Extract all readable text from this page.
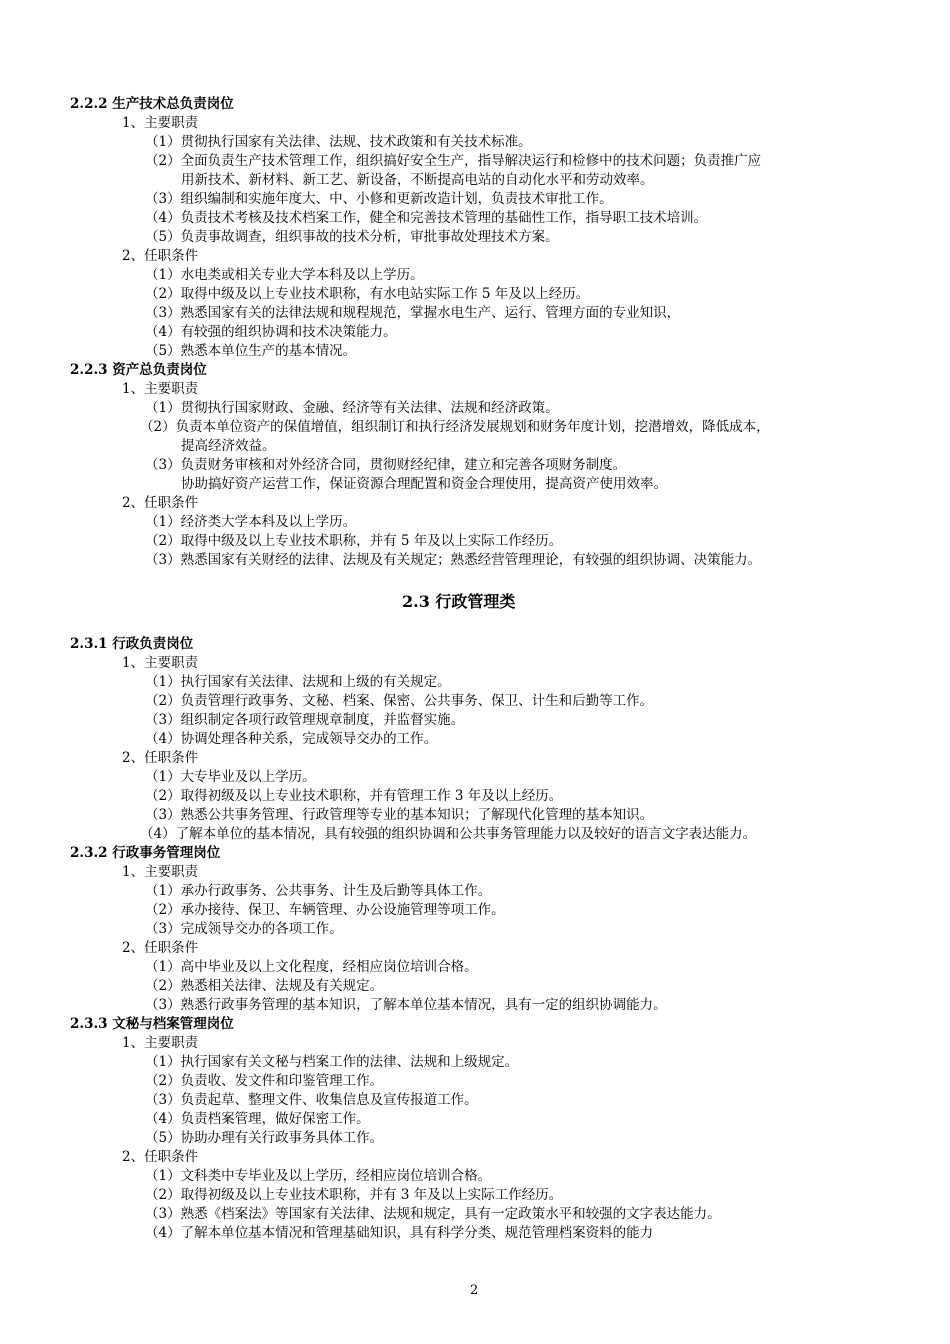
2.2.2 生产技术总负责岗位
1、主要职责
（1）贯彻执行国家有关法律、法规、技术政策和有关技术标准。
（2）全面负责生产技术管理工作，组织搞好安全生产，指导解决运行和检修中的技术问题；负责推广应
用新技术、新材料、新工艺、新设备，不断提高电站的自动化水平和劳动效率。
（3）组织编制和实施年度大、中、小修和更新改造计划，负责技术审批工作。
（4）负责技术考核及技术档案工作，健全和完善技术管理的基础性工作，指导职工技术培训。
（5）负责事故调查，组织事故的技术分析，审批事故处理技术方案。
2、任职条件
（1）水电类或相关专业大学本科及以上学历。
（2）取得中级及以上专业技术职称，有水电站实际工作 5 年及以上经历。
（3）熟悉国家有关的法律法规和规程规范，掌握水电生产、运行、管理方面的专业知识，
（4）有较强的组织协调和技术决策能力。
（5）熟悉本单位生产的基本情况。
2.2.3 资产总负责岗位
1、主要职责
（1）贯彻执行国家财政、金融、经济等有关法律、法规和经济政策。
（2）负责本单位资产的保值增值，组织制订和执行经济发展规划和财务年度计划，挖潜增效，降低成本，
提高经济效益。
（3）负责财务审核和对外经济合同，贯彻财经纪律，建立和完善各项财务制度。
协助搞好资产运营工作，保证资源合理配置和资金合理使用，提高资产使用效率。
2、任职条件
（1）经济类大学本科及以上学历。
（2）取得中级及以上专业技术职称，并有 5 年及以上实际工作经历。
（3）熟悉国家有关财经的法律、法规及有关规定；熟悉经营管理理论，有较强的组织协调、决策能力。
2.3.1 行政负责岗位
1、主要职责
（1）执行国家有关法律、法规和上级的有关规定。
（2）负责管理行政事务、文秘、档案、保密、公共事务、保卫、计生和后勤等工作。
（3）组织制定各项行政管理规章制度，并监督实施。
（4）协调处理各种关系，完成领导交办的工作。
2、任职条件
（1）大专毕业及以上学历。
（2）取得初级及以上专业技术职称，并有管理工作 3 年及以上经历。
（3）熟悉公共事务管理、行政管理等专业的基本知识；了解现代化管理的基本知识。
（4）了解本单位的基本情况，具有较强的组织协调和公共事务管理能力以及较好的语言文字表达能力。
2.3.2 行政事务管理岗位
1、主要职责
（1）承办行政事务、公共事务、计生及后勤等具体工作。
（2）承办接待、保卫、车辆管理、办公设施管理等项工作。
（3）完成领导交办的各项工作。
2、任职条件
（1）高中毕业及以上文化程度，经相应岗位培训合格。
（2）熟悉相关法律、法规及有关规定。
（3）熟悉行政事务管理的基本知识，了解本单位基本情况，具有一定的组织协调能力。
2.3.3 文秘与档案管理岗位
1、主要职责
（1）执行国家有关文秘与档案工作的法律、法规和上级规定。
（2）负责收、发文件和印鉴管理工作。
（3）负责起草、整理文件、收集信息及宣传报道工作。
（4）负责档案管理，做好保密工作。
（5）协助办理有关行政事务具体工作。
2、任职条件
（1）文科类中专毕业及以上学历，经相应岗位培训合格。
（2）取得初级及以上专业技术职称，并有 3 年及以上实际工作经历。
（3）熟悉《档案法》等国家有关法律、法规和规定，具有一定政策水平和较强的文字表达能力。
（4）了解本单位基本情况和管理基础知识，具有科学分类、规范管理档案资料的能力
2.3 行政管理类
2
